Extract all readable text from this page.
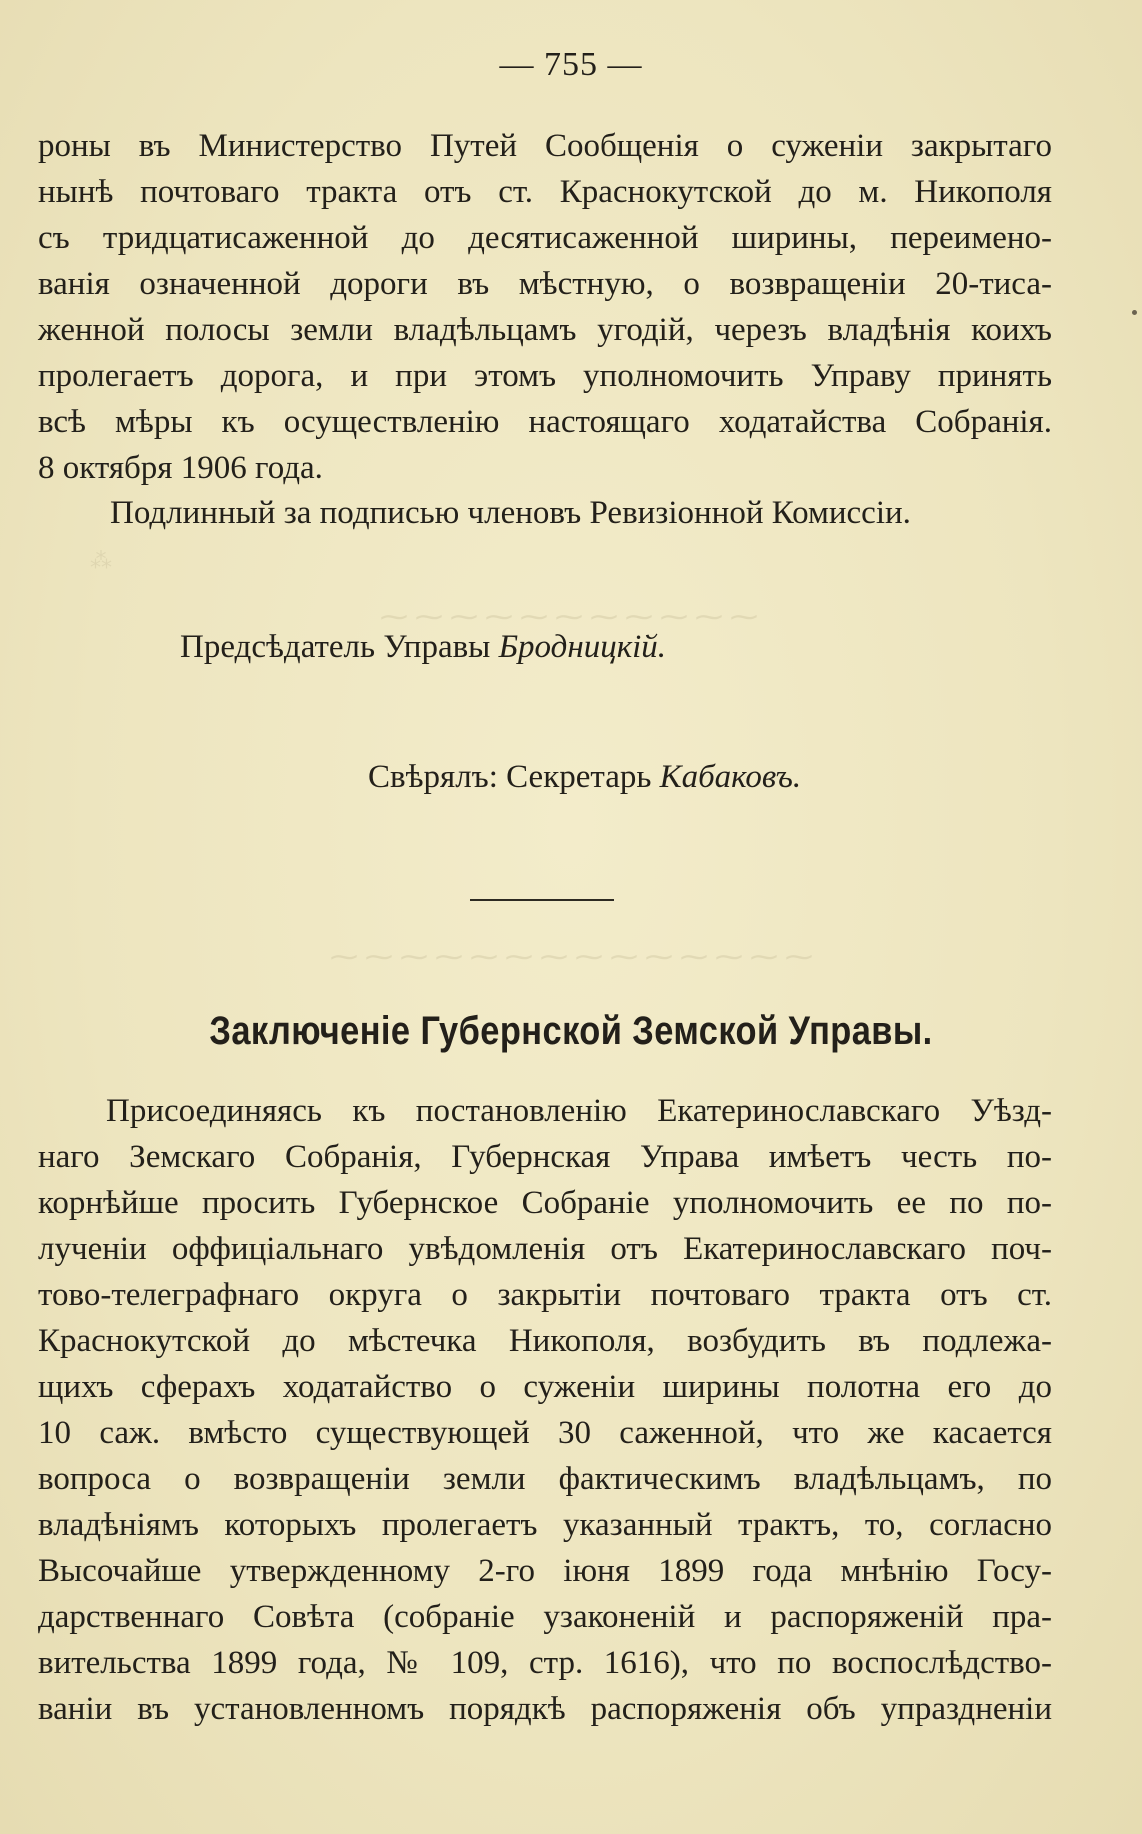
⁂
⁓ ⁓ ⁓ ⁓ ⁓ ⁓ ⁓ ⁓ ⁓ ⁓ ⁓
⁓ ⁓ ⁓ ⁓ ⁓ ⁓ ⁓ ⁓ ⁓ ⁓ ⁓ ⁓ ⁓ ⁓
— 755 —
роны въ Министерство Путей Сообщенія о суженіи закрытаго
нынѣ почтоваго тракта отъ ст. Краснокутской до м. Никополя
съ тридцатисаженной до десятисаженной ширины, переимено-
ванія означенной дороги въ мѣстную, о возвращеніи 20-тиса-
женной полосы земли владѣльцамъ угодій, черезъ владѣнія коихъ
пролегаетъ дорога, и при этомъ уполномочить Управу принять
всѣ мѣры къ осуществленію настоящаго ходатайства Собранія.
8 октября 1906 года.
Подлинный за подписью членовъ Ревизіонной Комиссіи.
Предсѣдатель Управы Бродницкій.
Свѣрялъ: Секретарь Кабаковъ.
Заключеніе Губернской Земской Управы.
Присоединяясь къ постановленію Екатеринославскаго Уѣзд-
наго Земскаго Собранія, Губернская Управа имѣетъ честь по-
корнѣйше просить Губернское Собраніе уполномочить ее по по-
лученіи оффиціальнаго увѣдомленія отъ Екатеринославскаго поч-
тово-телеграфнаго округа о закрытіи почтоваго тракта отъ ст.
Краснокутской до мѣстечка Никополя, возбудить въ подлежа-
щихъ сферахъ ходатайство о суженіи ширины полотна его до
10 саж. вмѣсто существующей 30 саженной, что же касается
вопроса о возвращеніи земли фактическимъ владѣльцамъ, по
владѣніямъ которыхъ пролегаетъ указанный трактъ, то, согласно
Высочайше утвержденному 2-го іюня 1899 года мнѣнію Госу-
дарственнаго Совѣта (собраніе узаконеній и распоряженій пра-
вительства 1899 года, № 109, стр. 1616), что по воспослѣдство-
ваніи въ установленномъ порядкѣ распоряженія объ упраздненіи
